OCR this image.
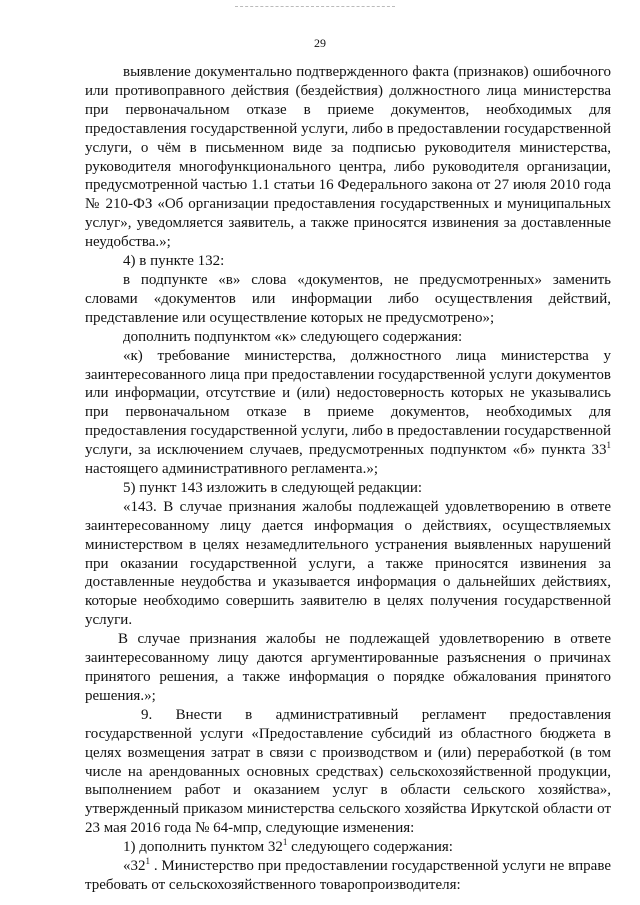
29

выявление документально подтвержденного факта (признаков) ошибочного или противоправного действия (бездействия) должностного лица министерства при первоначальном отказе в приеме документов, необходимых для предоставления государственной услуги, либо в предоставлении государственной услуги, о чём в письменном виде за подписью руководителя министерства, руководителя многофункционального центра, либо руководителя организации, предусмотренной частью 1.1 статьи 16 Федерального закона от 27 июля 2010 года № 210-ФЗ «Об организации предоставления государственных и муниципальных услуг», уведомляется заявитель, а также приносятся извинения за доставленные неудобства.»;

4) в пункте 132:

в подпункте «в» слова «документов, не предусмотренных» заменить словами «документов или информации либо осуществления действий, представление или осуществление которых не предусмотрено»;

дополнить подпунктом «к» следующего содержания:

«к) требование министерства, должностного лица министерства у заинтересованного лица при предоставлении государственной услуги документов или информации, отсутствие и (или) недостоверность которых не указывались при первоначальном отказе в приеме документов, необходимых для предоставления государственной услуги, либо в предоставлении государственной услуги, за исключением случаев, предусмотренных подпунктом «б» пункта $33^1$ настоящего административного регламента.»;

5) пункт 143 изложить в следующей редакции:

«143. В случае признания жалобы подлежащей удовлетворению в ответе заинтересованному лицу дается информация о действиях, осуществляемых министерством в целях незамедлительного устранения выявленных нарушений при оказании государственной услуги, а также приносятся извинения за доставленные неудобства и указывается информация о дальнейших действиях, которые необходимо совершить заявителю в целях получения государственной услуги.

В случае признания жалобы не подлежащей удовлетворению в ответе заинтересованному лицу даются аргументированные разъяснения о причинах принятого решения, а также информация о порядке обжалования принятого решения.»;

9. Внести в административный регламент предоставления государственной услуги «Предоставление субсидий из областного бюджета в целях возмещения затрат в связи с производством и (или) переработкой (в том числе на арендованных основных средствах) сельскохозяйственной продукции, выполнением работ и оказанием услуг в области сельского хозяйства», утвержденный приказом министерства сельского хозяйства Иркутской области от 23 мая 2016 года № 64-мпр, следующие изменения:

1) дополнить пунктом $32^1$ следующего содержания:

«$32^1$ . Министерство при предоставлении государственной услуги не вправе требовать от сельскохозяйственного товаропроизводителя:
